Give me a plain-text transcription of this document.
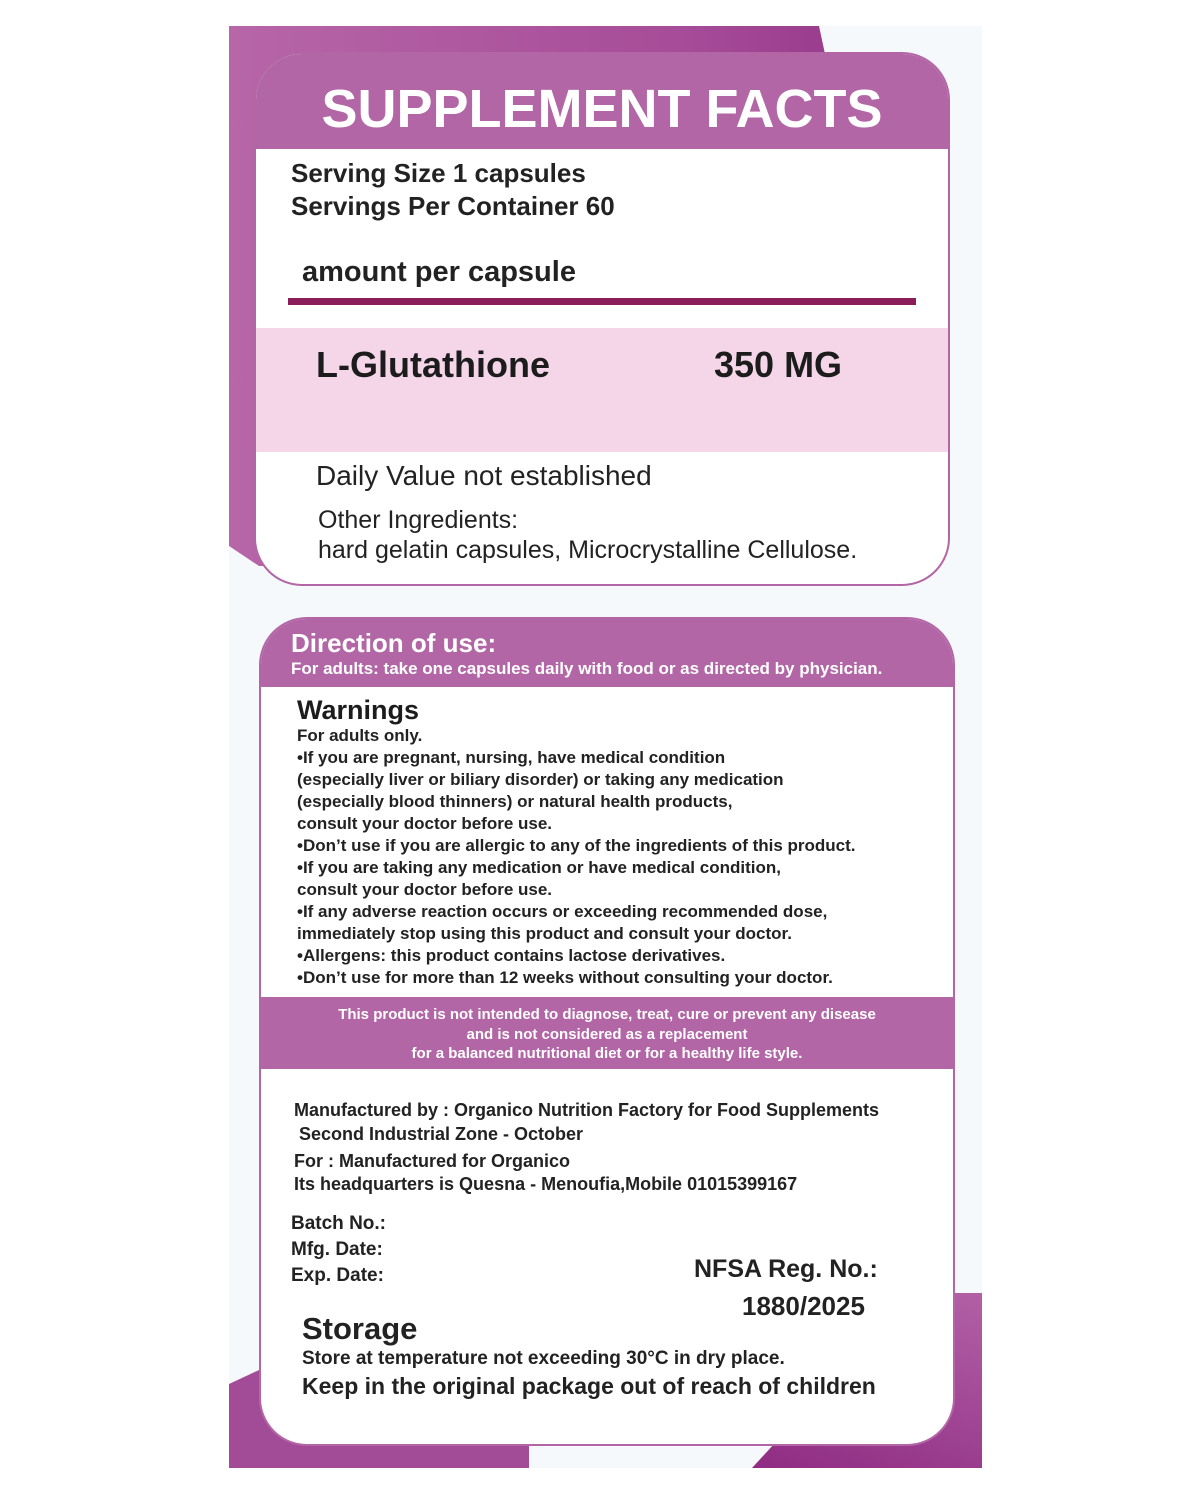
SUPPLEMENT FACTS
Serving Size 1 capsules
Servings Per Container 60
amount per capsule
L-Glutathione	350 MG
Daily Value not established
Other Ingredients:
hard gelatin capsules, Microcrystalline Cellulose.
Direction of use:
For adults: take one capsules daily with food or as directed by physician.
Warnings
For adults only.
•If you are pregnant, nursing, have medical condition
(especially liver or biliary disorder) or taking any medication
(especially blood thinners) or natural health products,
consult your doctor before use.
•Don’t use if you are allergic to any of the ingredients of this product.
•If you are taking any medication or have medical condition,
consult your doctor before use.
•If any adverse reaction occurs or exceeding recommended dose,
immediately stop using this product and consult your doctor.
•Allergens: this product contains lactose derivatives.
•Don’t use for more than 12 weeks without consulting your doctor.
This product is not intended to diagnose, treat, cure or prevent any disease
and is not considered as a replacement
for a balanced nutritional diet or for a healthy life style.
Manufactured by : Organico Nutrition Factory for Food Supplements
Second Industrial Zone - October
For : Manufactured for Organico
Its headquarters is Quesna - Menoufia,Mobile 01015399167
Batch No.:
Mfg. Date:
Exp. Date:	NFSA Reg. No.:
1880/2025
Storage
Store at temperature not exceeding 30°C in dry place.
Keep in the original package out of reach of children
